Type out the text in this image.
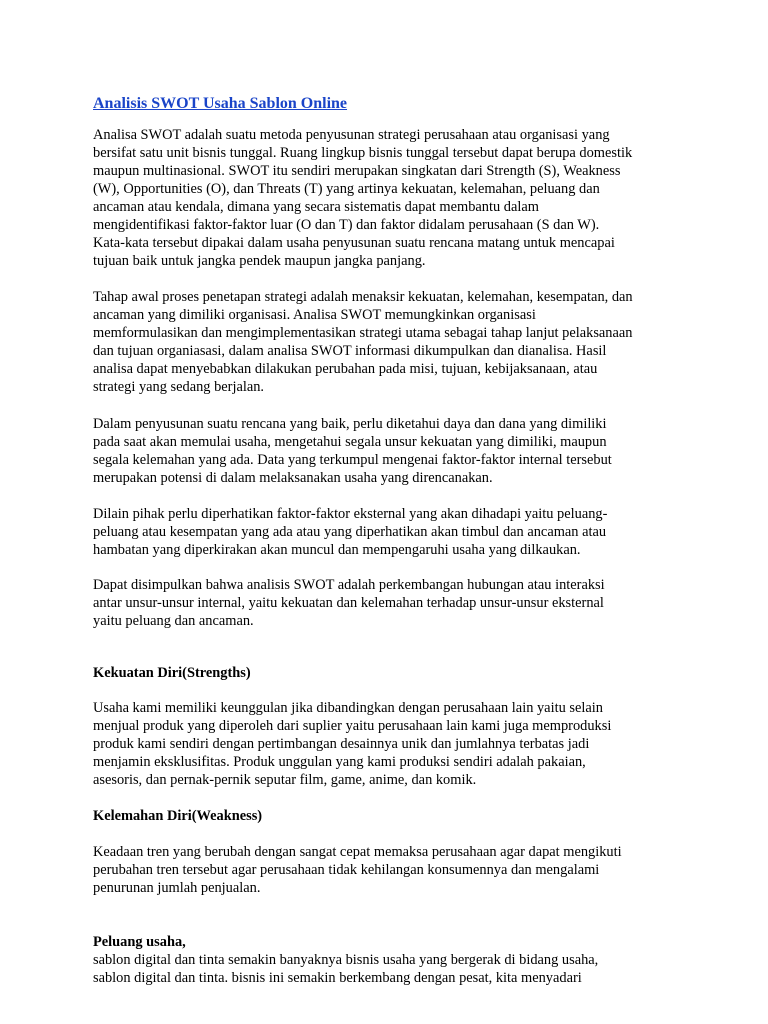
Analisis SWOT Usaha Sablon Online
Analisa SWOT adalah suatu metoda penyusunan strategi perusahaan atau organisasi yang
bersifat satu unit bisnis tunggal. Ruang lingkup bisnis tunggal tersebut dapat berupa domestik
maupun multinasional. SWOT itu sendiri merupakan singkatan dari Strength (S), Weakness
(W), Opportunities (O), dan Threats (T) yang artinya kekuatan, kelemahan, peluang dan
ancaman atau kendala, dimana yang secara sistematis dapat membantu dalam
mengidentifikasi faktor-faktor luar (O dan T) dan faktor didalam perusahaan (S dan W).
Kata-kata tersebut dipakai dalam usaha penyusunan suatu rencana matang untuk mencapai
tujuan baik untuk jangka pendek maupun jangka panjang.
Tahap awal proses penetapan strategi adalah menaksir kekuatan, kelemahan, kesempatan, dan
ancaman yang dimiliki organisasi. Analisa SWOT memungkinkan organisasi
memformulasikan dan mengimplementasikan strategi utama sebagai tahap lanjut pelaksanaan
dan tujuan organiasasi, dalam analisa SWOT informasi dikumpulkan dan dianalisa. Hasil
analisa dapat menyebabkan dilakukan perubahan pada misi, tujuan, kebijaksanaan, atau
strategi yang sedang berjalan.
Dalam penyusunan suatu rencana yang baik, perlu diketahui daya dan dana yang dimiliki
pada saat akan memulai usaha, mengetahui segala unsur kekuatan yang dimiliki, maupun
segala kelemahan yang ada. Data yang terkumpul mengenai faktor-faktor internal tersebut
merupakan potensi di dalam melaksanakan usaha yang direncanakan.
Dilain pihak perlu diperhatikan faktor-faktor eksternal yang akan dihadapi yaitu peluang-
peluang atau kesempatan yang ada atau yang diperhatikan akan timbul dan ancaman atau
hambatan yang diperkirakan akan muncul dan mempengaruhi usaha yang dilkaukan.
Dapat disimpulkan bahwa analisis SWOT adalah perkembangan hubungan atau interaksi
antar unsur-unsur internal, yaitu kekuatan dan kelemahan terhadap unsur-unsur eksternal
yaitu peluang dan ancaman.
Kekuatan Diri(Strengths)
Usaha kami memiliki keunggulan jika dibandingkan dengan perusahaan lain yaitu selain
menjual produk yang diperoleh dari suplier yaitu perusahaan lain kami juga memproduksi
produk kami sendiri dengan pertimbangan desainnya unik dan jumlahnya terbatas jadi
menjamin eksklusifitas. Produk unggulan yang kami produksi sendiri adalah pakaian,
asesoris, dan pernak-pernik seputar film, game, anime, dan komik.
Kelemahan Diri(Weakness)
Keadaan tren yang berubah dengan sangat cepat memaksa perusahaan agar dapat mengikuti
perubahan tren tersebut agar perusahaan tidak kehilangan konsumennya dan mengalami
penurunan jumlah penjualan.
Peluang usaha,
sablon digital dan tinta semakin banyaknya bisnis usaha yang bergerak di bidang usaha,
sablon digital dan tinta. bisnis ini semakin berkembang dengan pesat, kita menyadari
